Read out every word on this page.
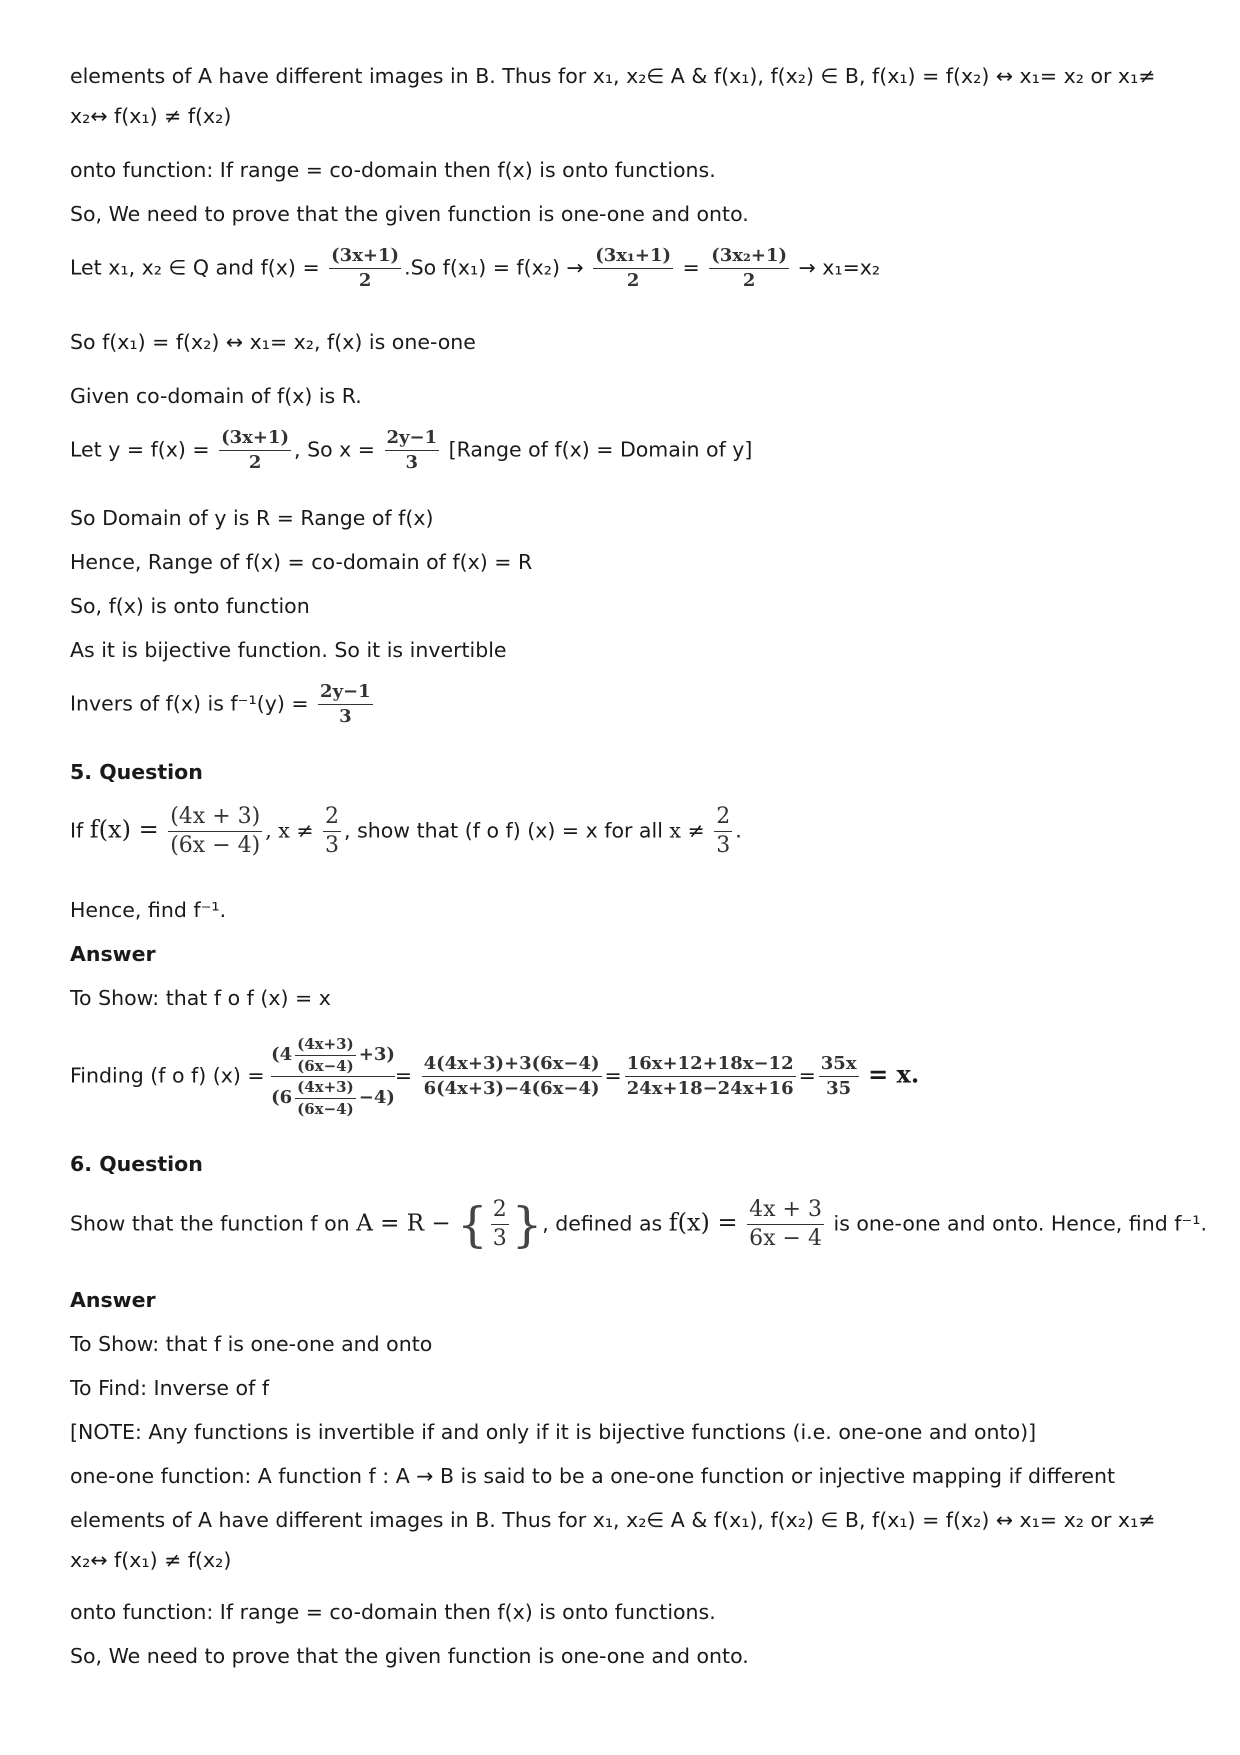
elements of A have different images in B. Thus for x₁, x₂∈ A & f(x₁), f(x₂) ∈ B, f(x₁) = f(x₂) ↔ x₁= x₂ or x₁≠
x₂↔ f(x₁) ≠ f(x₂)
onto function: If range = co-domain then f(x) is onto functions.
So, We need to prove that the given function is one-one and onto.
Let x₁, x₂ ∈ Q and $f(x) = \frac{(3x+1)}{2} .So$ $f(x_1) = f(x_2) \to \frac{\text{(3x₁+1)}}{2} = \frac{\text{(3x₂+1)}}{2} \to x_1=x_2$
So f(x₁) = f(x₂) ↔ x₁= x₂, f(x) is one-one
Given co-domain of f(x) is R.
Let $y = f(x) = \frac{(3x+1)}{2}$ , So $x = \frac{2y-1}{3}$ [Range of f(x) = Domain of y]
So Domain of y is R = Range of f(x)
Hence, Range of f(x) = co-domain of f(x) = R
So, f(x) is onto function
As it is bijective function. So it is invertible
Invers of f(x) is $f^{-1}(y) = \frac{2y-1}{3}$
5. Question
If $f(x) = \frac{(4x + 3)}{(6x - 4)}$ , $x \ne \frac{2}{3}$ , show that (f o f) (x) = x for all $x \ne \frac{2}{3}$ .
Hence, find f⁻¹.
Answer
To Show: that f o f (x) = x
Finding (f o f) $(x) = \frac{(4 \frac{(4x+3)}{(6x-4)} +3)}{(6 \frac{(4x+3)}{(6x-4)} -4)} = \frac{4(4x+3)+3(6x-4)}{6(4x+3)-4(6x-4)} = \frac{16x+12+18x-12}{24x+18-24x+16} = \frac{35x}{35} = x$.
6. Question
Show that the function f on A = R − { $\frac{2}{3}$ } , defined as $f(x) = \frac{4x + 3}{6x - 4}$ is one-one and onto. Hence, find f⁻¹.
Answer
To Show: that f is one-one and onto
To Find: Inverse of f
[NOTE: Any functions is invertible if and only if it is bijective functions (i.e. one-one and onto)]
one-one function: A function f : A → B is said to be a one-one function or injective mapping if different
elements of A have different images in B. Thus for x₁, x₂∈ A & f(x₁), f(x₂) ∈ B, f(x₁) = f(x₂) ↔ x₁= x₂ or x₁≠
x₂↔ f(x₁) ≠ f(x₂)
onto function: If range = co-domain then f(x) is onto functions.
So, We need to prove that the given function is one-one and onto.
